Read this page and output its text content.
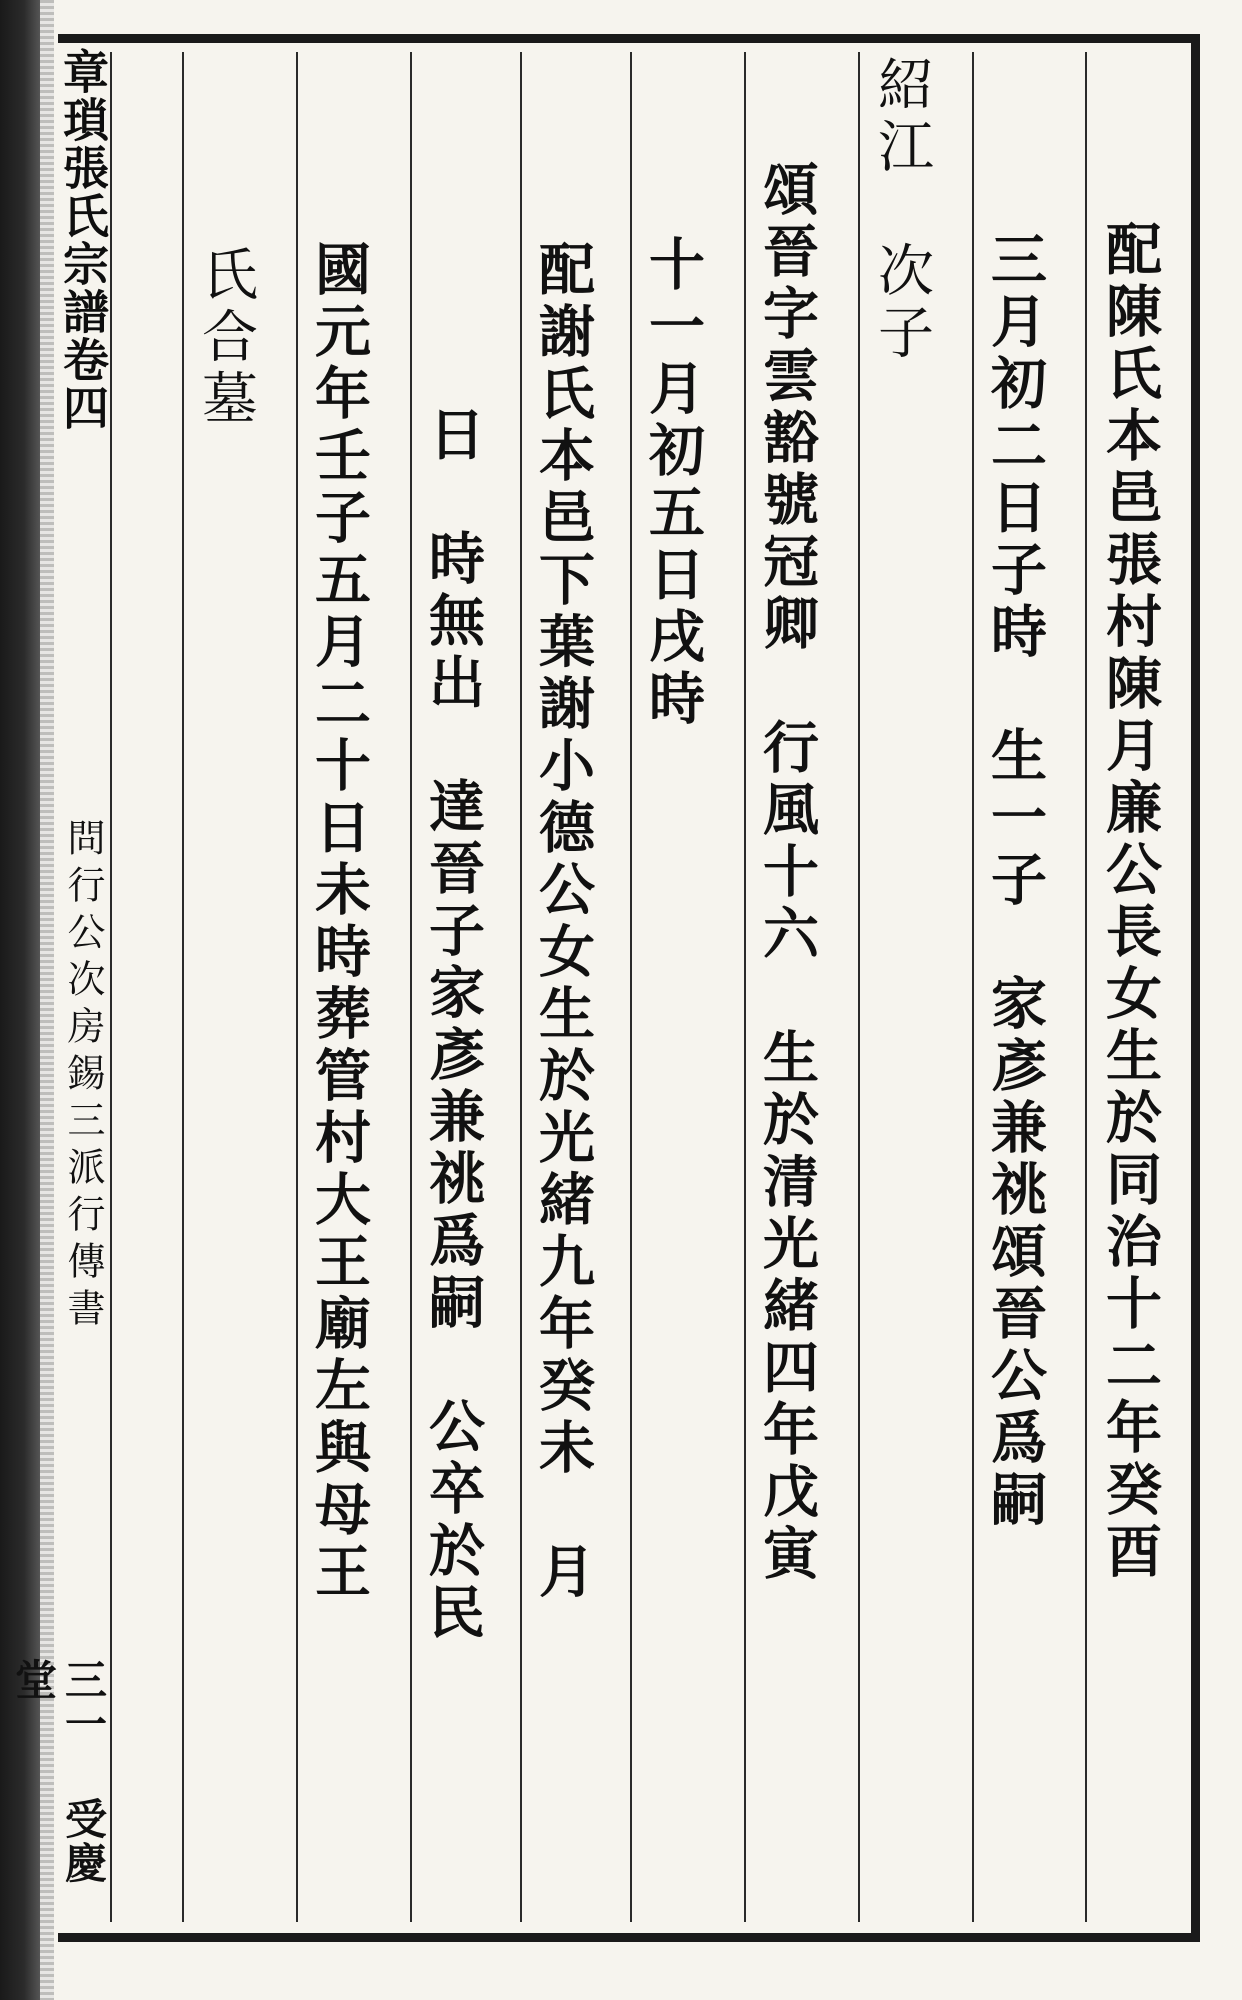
章瑣張氏宗譜卷四
問行公次房錫三派行傳書
三一 受慶堂
配陳氏本邑張村陳月廉公長女生於同治十二年癸酉
三月初二日子時　生一子　家彥兼祧頌晉公爲嗣
紹江　次子
頌晉字雲豁號冠卿　行風十六　生於清光緒四年戊寅
十一月初五日戌時
配謝氏本邑下葉謝小德公女生於光緒九年癸未　月
日　時無出　達晉子家彥兼祧爲嗣　公卒於民
國元年壬子五月二十日未時葬管村大王廟左與母王
氏合墓
